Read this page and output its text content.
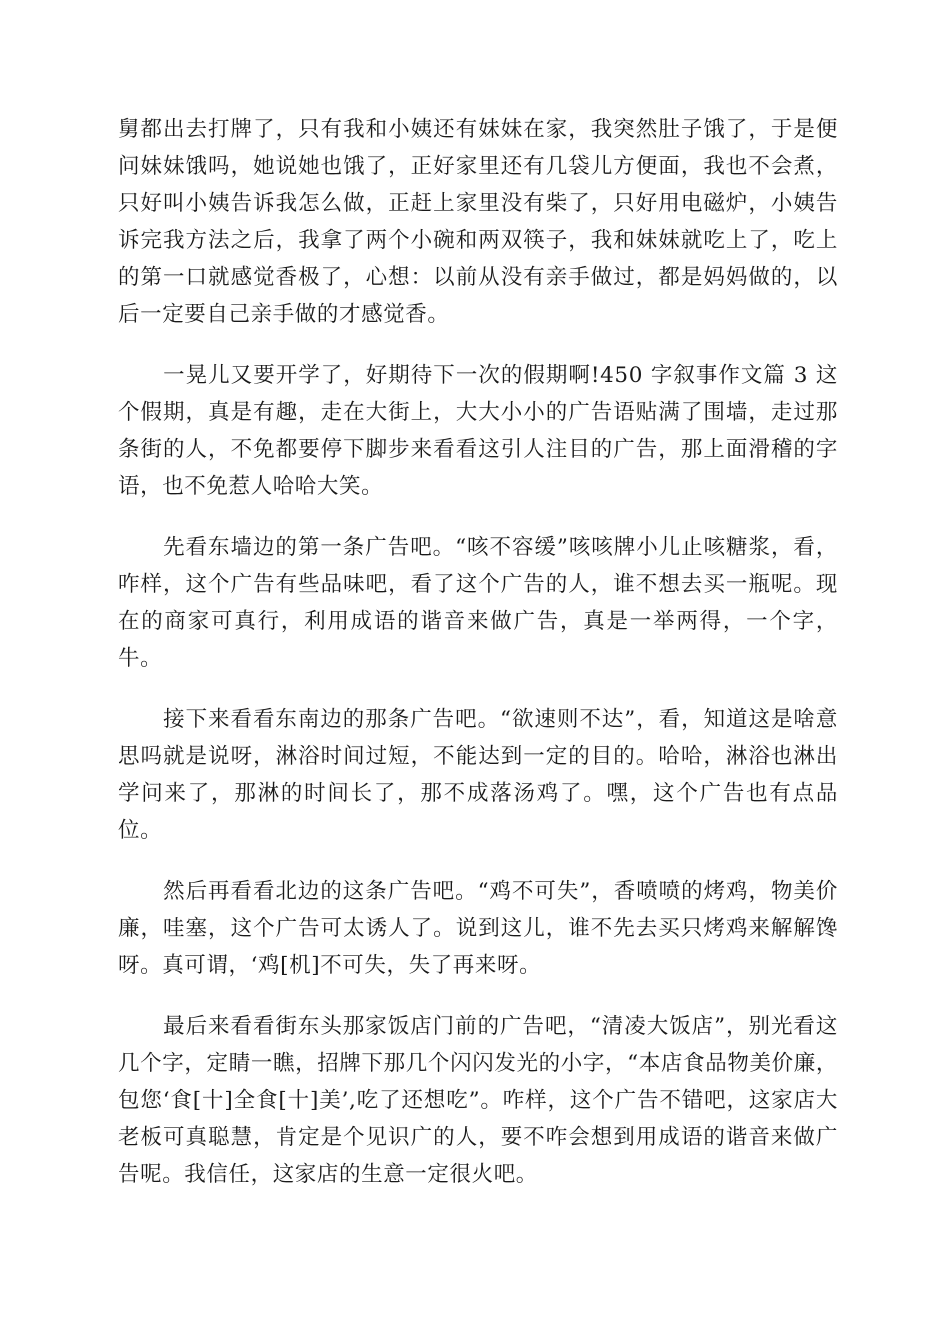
舅都出去打牌了，只有我和小姨还有妹妹在家，我突然肚子饿了，于是便问妹妹饿吗，她说她也饿了，正好家里还有几袋儿方便面，我也不会煮，只好叫小姨告诉我怎么做，正赶上家里没有柴了，只好用电磁炉，小姨告诉完我方法之后，我拿了两个小碗和两双筷子，我和妹妹就吃上了，吃上的第一口就感觉香极了，心想：以前从没有亲手做过，都是妈妈做的，以后一定要自己亲手做的才感觉香。

一晃儿又要开学了，好期待下一次的假期啊!450 字叙事作文篇 3 这个假期，真是有趣，走在大街上，大大小小的广告语贴满了围墙，走过那条街的人，不免都要停下脚步来看看这引人注目的广告，那上面滑稽的字语，也不免惹人哈哈大笑。

先看东墙边的第一条广告吧。“咳不容缓”咳咳牌小儿止咳糖浆，看，咋样，这个广告有些品味吧，看了这个广告的人，谁不想去买一瓶呢。现在的商家可真行，利用成语的谐音来做广告，真是一举两得，一个字，牛。

接下来看看东南边的那条广告吧。“欲速则不达”，看，知道这是啥意思吗就是说呀，淋浴时间过短，不能达到一定的目的。哈哈，淋浴也淋出学问来了，那淋的时间长了，那不成落汤鸡了。嘿，这个广告也有点品位。

然后再看看北边的这条广告吧。“鸡不可失”，香喷喷的烤鸡，物美价廉，哇塞，这个广告可太诱人了。说到这儿，谁不先去买只烤鸡来解解馋呀。真可谓，‘鸡[机]不可失，失了再来呀。

最后来看看街东头那家饭店门前的广告吧，“清凌大饭店”，别光看这几个字，定睛一瞧，招牌下那几个闪闪发光的小字，“本店食品物美价廉，包您‘食[十]全食[十]美’,吃了还想吃”。咋样，这个广告不错吧，这家店大老板可真聪慧，肯定是个见识广的人，要不咋会想到用成语的谐音来做广告呢。我信任，这家店的生意一定很火吧。
